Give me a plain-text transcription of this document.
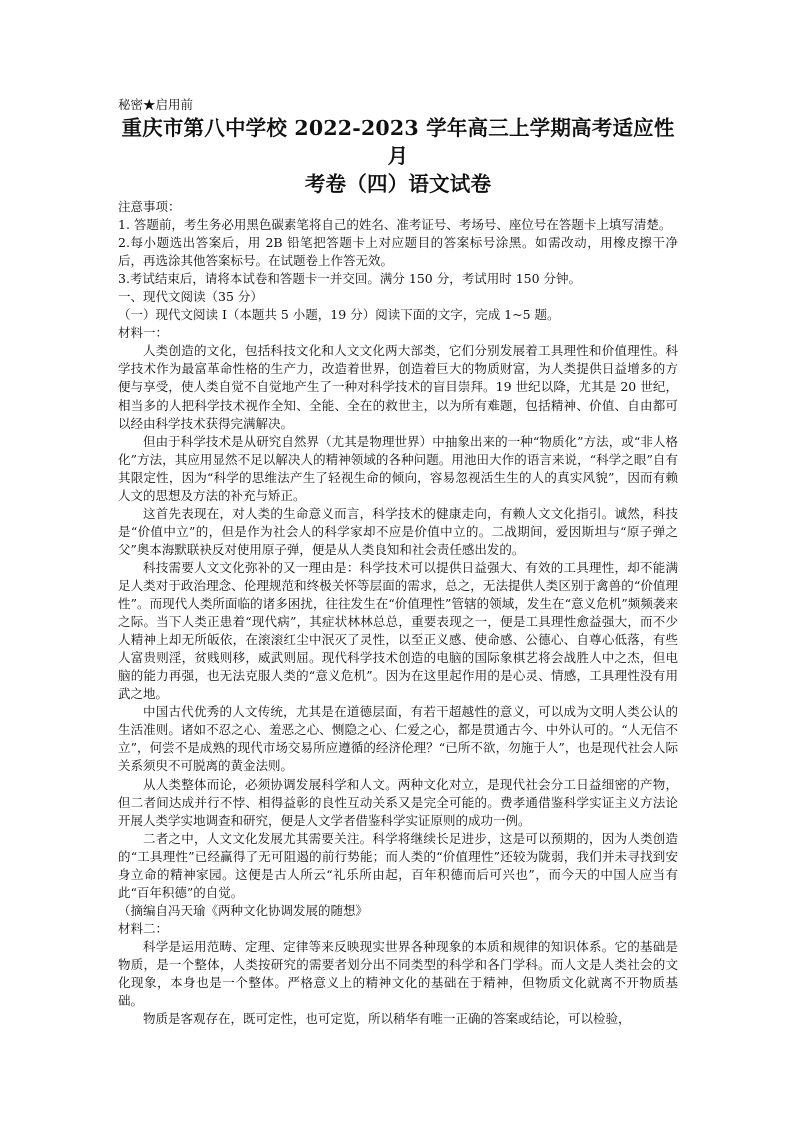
秘密★启用前

重庆市第八中学校 2022-2023 学年高三上学期高考适应性月

考卷（四）语文试卷

注意事项：

1. 答题前，考生务必用黑色碳素笔将自己的姓名、准考证号、考场号、座位号在答题卡上填写清楚。

2.每小题选出答案后，用 2B 铅笔把答题卡上对应题目的答案标号涂黑。如需改动，用橡皮擦干净后，再选涂其他答案标号。在试题卷上作答无效。

3.考试结束后，请将本试卷和答题卡一并交回。满分 150 分，考试用时 150 分钟。

一、现代文阅读（35 分）

（一）现代文阅读 I（本题共 5 小题，19 分）阅读下面的文字，完成 1~5 题。

材料一：

人类创造的文化，包括科技文化和人文文化两大部类，它们分别发展着工具理性和价值理性。科学技术作为最富革命性格的生产力，改造着世界，创造着巨大的物质财富，为人类提供日益增多的方便与享受，使人类自觉不自觉地产生了一种对科学技术的盲目崇拜。19 世纪以降，尤其是 20 世纪，相当多的人把科学技术视作全知、全能、全在的救世主，以为所有难题，包括精神、价值、自由都可以经由科学技术获得完满解决。

但由于科学技术是从研究自然界（尤其是物理世界）中抽象出来的一种“物质化”方法，或“非人格化”方法，其应用显然不足以解决人的精神领域的各种问题。用池田大作的语言来说，“科学之眼”自有其限定性，因为“科学的思维法产生了轻视生命的倾向，容易忽视活生生的人的真实风貌”，因而有赖人文的思想及方法的补充与矫正。

这首先表现在，对人类的生命意义而言，科学技术的健康走向，有赖人文文化指引。诚然，科技是“价值中立”的，但是作为社会人的科学家却不应是价值中立的。二战期间，爱因斯坦与“原子弹之父”奥本海默联袂反对使用原子弹，便是从人类良知和社会责任感出发的。

科技需要人文文化弥补的又一理由是：科学技术可以提供日益强大、有效的工具理性，却不能满足人类对于政治理念、伦理规范和终极关怀等层面的需求，总之，无法提供人类区别于禽兽的“价值理性”。而现代人类所面临的诸多困扰，往往发生在“价值理性”管辖的领域，发生在“意义危机”频频袭来之际。当下人类正患着“现代病”，其症状林林总总，重要表现之一，便是工具理性愈益强大，而不少人精神上却无所皈依，在滚滚红尘中泯灭了灵性，以至正义感、使命感、公德心、自尊心低落，有些人富贵则淫，贫贱则移，威武则屈。现代科学技术创造的电脑的国际象棋艺将会战胜人中之杰，但电脑的能力再强，也无法克服人类的“意义危机”。因为在这里起作用的是心灵、情感，工具理性没有用武之地。

中国古代优秀的人文传统，尤其是在道德层面，有若干超越性的意义，可以成为文明人类公认的生活准则。诸如不忍之心、羞恶之心、恻隐之心、仁爱之心，都是贯通古今、中外认可的。“人无信不立”，何尝不是成熟的现代市场交易所应遵循的经济伦理？“已所不欲，勿施于人”，也是现代社会人际关系须臾不可脱离的黄金法则。

从人类整体而论，必须协调发展科学和人文。两种文化对立，是现代社会分工日益细密的产物，但二者间达成并行不悖、相得益彰的良性互动关系又是完全可能的。费孝通借鉴科学实证主义方法论开展人类学实地调查和研究，便是人文学者借鉴科学实证原则的成功一例。

二者之中，人文文化发展尤其需要关注。科学将继续长足进步，这是可以预期的，因为人类创造的“工具理性”已经赢得了无可阻遏的前行势能；而人类的“价值理性”还较为陇弱，我们并未寻找到安身立命的精神家园。这便是古人所云“礼乐所由起，百年积德而后可兴也”，而今天的中国人应当有此“百年积德”的自觉。

（摘编自冯天瑜《两种文化协调发展的随想》

材料二：

科学是运用范畴、定理、定律等来反映现实世界各种现象的本质和规律的知识体系。它的基础是物质，是一个整体，人类按研究的需要者划分出不同类型的科学和各门学科。而人文是人类社会的文化现象，本身也是一个整体。严格意义上的精神文化的基础在于精神，但物质文化就离不开物质基础。

物质是客观存在，既可定性，也可定览，所以稍华有唯一正确的答案或结论，可以检验，
